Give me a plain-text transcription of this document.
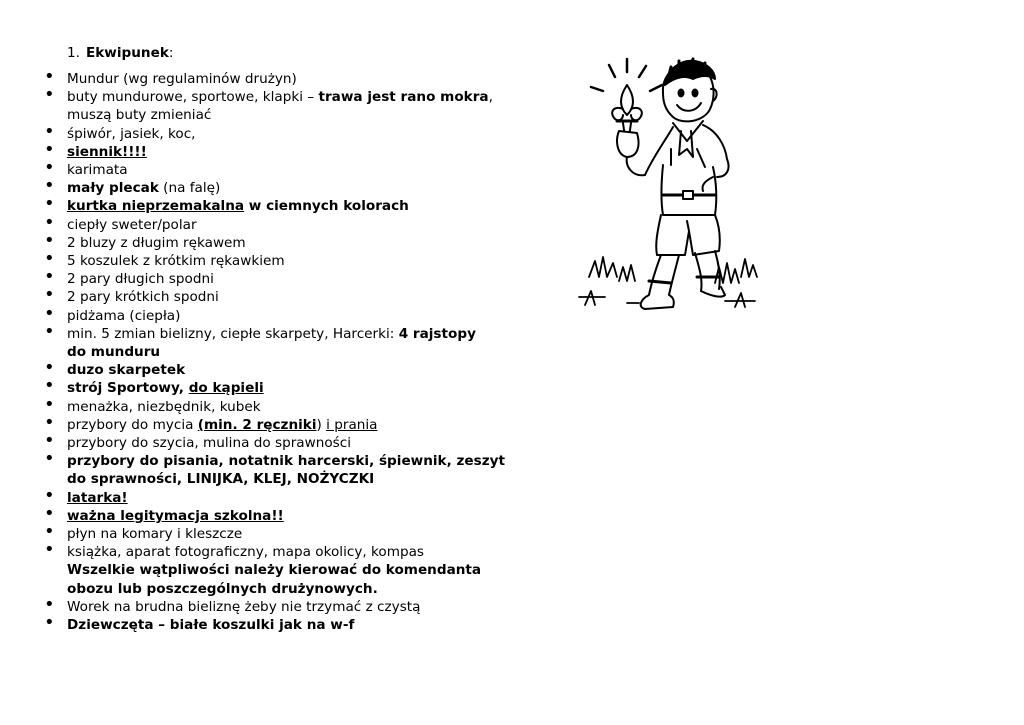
1. Ekwipunek:
• Mundur (wg regulaminów drużyn)
• buty mundurowe, sportowe, klapki – trawa jest rano mokra,
muszą buty zmieniać
• śpiwór, jasiek, koc,
• siennik!!!!
• karimata
• mały plecak (na falę)
• kurtka nieprzemakalna w ciemnych kolorach
• ciepły sweter/polar
• 2 bluzy z długim rękawem
• 5 koszulek z krótkim rękawkiem
• 2 pary długich spodni
• 2 pary krótkich spodni
• pidżama (ciepła)
• min. 5 zmian bielizny, ciepłe skarpety, Harcerki: 4 rajstopy
do munduru
• duzo skarpetek
• strój Sportowy, do kąpieli
• menażka, niezbędnik, kubek
• przybory do mycia (min. 2 ręczniki) i prania
• przybory do szycia, mulina do sprawności
• przybory do pisania, notatnik harcerski, śpiewnik, zeszyt
do sprawności, LINIJKA, KLEJ, NOŻYCZKI
• latarka!
• ważna legitymacja szkolna!!
• płyn na komary i kleszcze
• książka, aparat fotograficzny, mapa okolicy, kompas
Wszelkie wątpliwości należy kierować do komendanta
obozu lub poszczególnych drużynowych.
• Worek na brudna bieliznę żeby nie trzymać z czystą
• Dziewczęta – białe koszulki jak na w-f
